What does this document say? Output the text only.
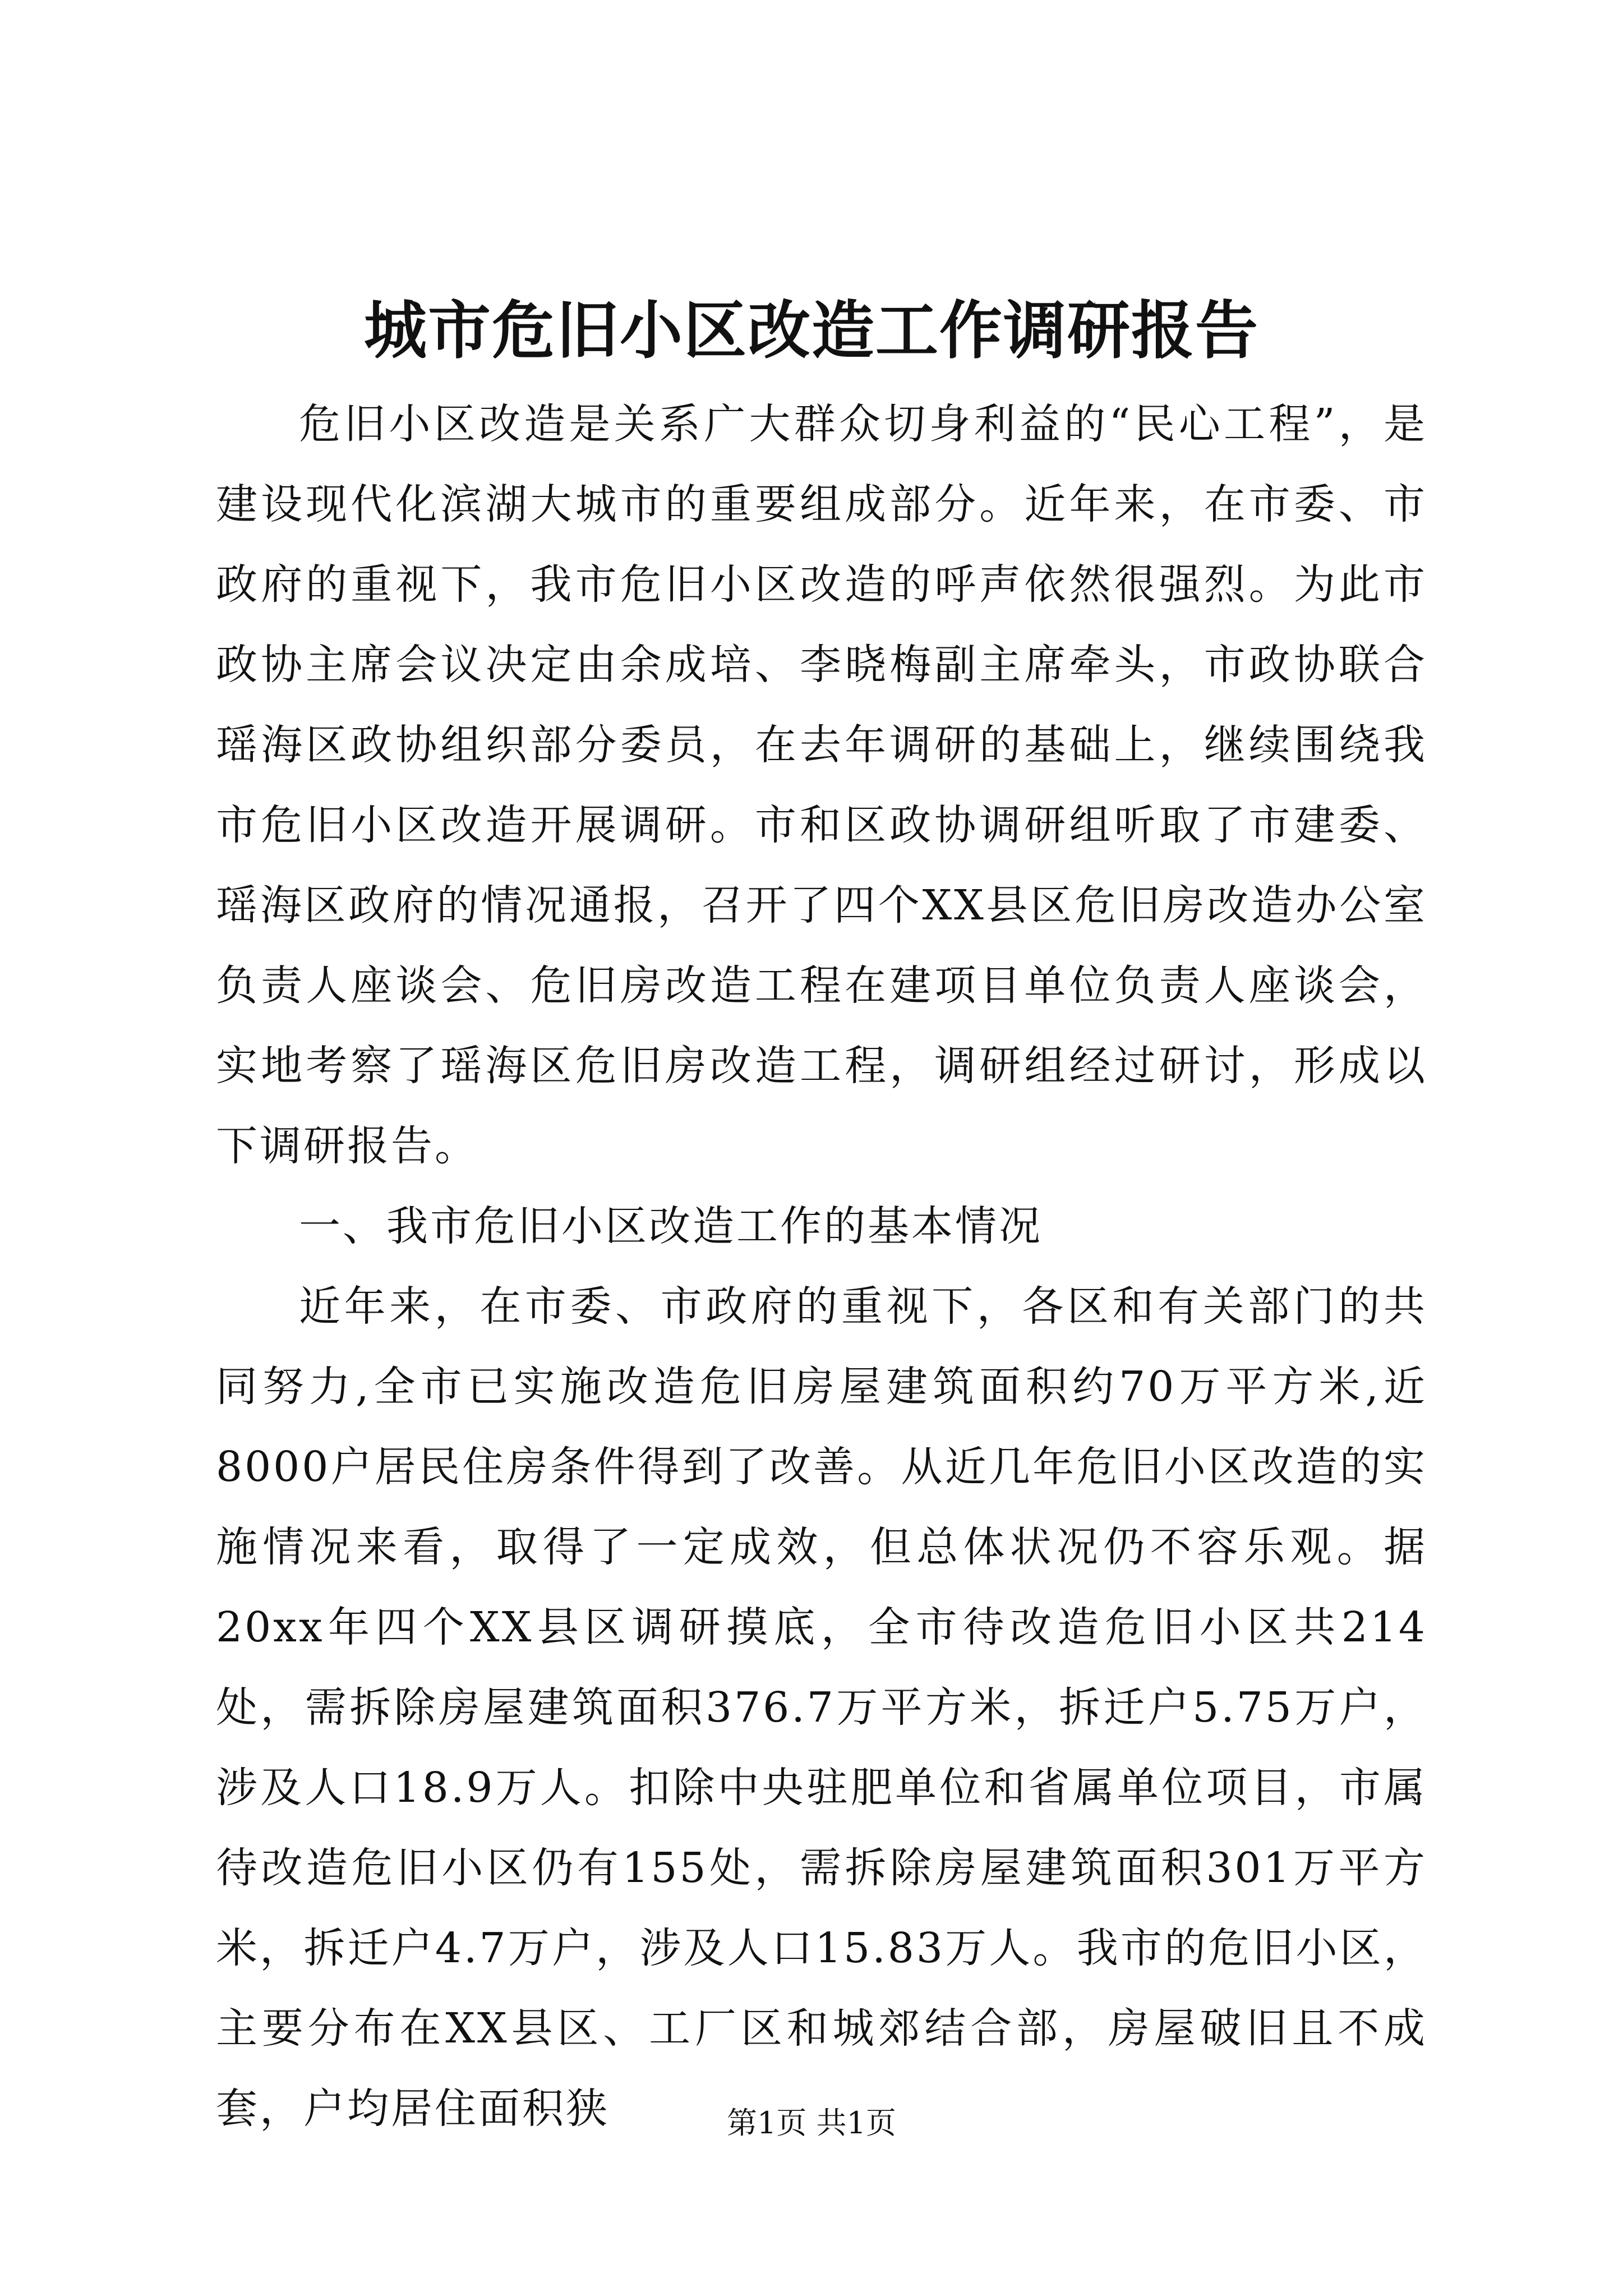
城市危旧小区改造工作调研报告

危旧小区改造是关系广大群众切身利益的“民心工程”，是建设现代化滨湖大城市的重要组成部分。近年来，在市委、市政府的重视下，我市危旧小区改造的呼声依然很强烈。为此市政协主席会议决定由余成培、李晓梅副主席牵头，市政协联合瑶海区政协组织部分委员，在去年调研的基础上，继续围绕我市危旧小区改造开展调研。市和区政协调研组听取了市建委、瑶海区政府的情况通报，召开了四个XX县区危旧房改造办公室负责人座谈会、危旧房改造工程在建项目单位负责人座谈会，实地考察了瑶海区危旧房改造工程，调研组经过研讨，形成以下调研报告。

一、我市危旧小区改造工作的基本情况

近年来，在市委、市政府的重视下，各区和有关部门的共同努力,全市已实施改造危旧房屋建筑面积约70万平方米,近8000户居民住房条件得到了改善。从近几年危旧小区改造的实施情况来看，取得了一定成效，但总体状况仍不容乐观。据20xx年四个XX县区调研摸底，全市待改造危旧小区共214处，需拆除房屋建筑面积376.7万平方米，拆迁户5.75万户，涉及人口18.9万人。扣除中央驻肥单位和省属单位项目，市属待改造危旧小区仍有155处，需拆除房屋建筑面积301万平方米，拆迁户4.7万户，涉及人口15.83万人。我市的危旧小区，主要分布在XX县区、工厂区和城郊结合部，房屋破旧且不成套，户均居住面积狭	第1页 共1页
